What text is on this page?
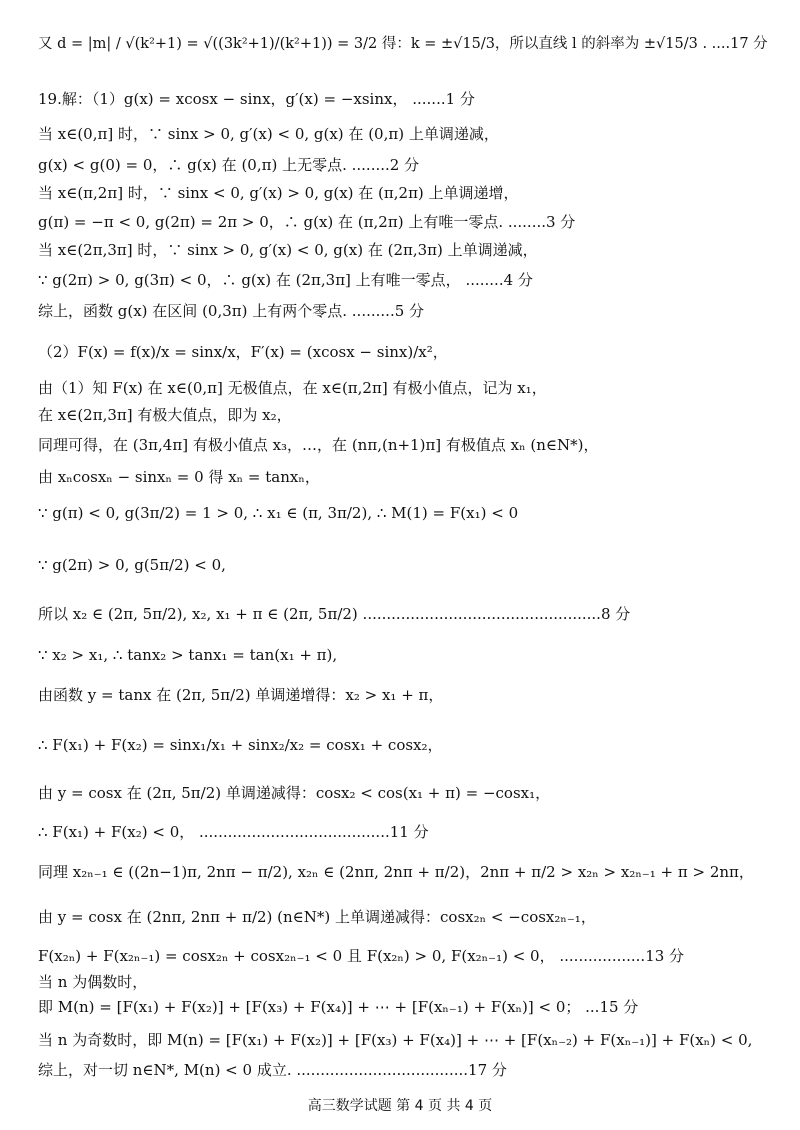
又 d = |m| / √(k²+1) = √((3k²+1)/(k²+1)) = 3/2 得：k = ±√15/3，所以直线 l 的斜率为 ±√15/3 . ....17 分
19.解：（1）g(x) = xcosx − sinx，g′(x) = −xsinx， .......1 分
当 x∈(0,π] 时，∵ sinx > 0, g′(x) < 0, g(x) 在 (0,π) 上单调递减，
g(x) < g(0) = 0，∴ g(x) 在 (0,π) 上无零点. ........2 分
当 x∈(π,2π] 时，∵ sinx < 0, g′(x) > 0, g(x) 在 (π,2π) 上单调递增，
g(π) = −π < 0, g(2π) = 2π > 0，∴ g(x) 在 (π,2π) 上有唯一零点. ........3 分
当 x∈(2π,3π] 时，∵ sinx > 0, g′(x) < 0, g(x) 在 (2π,3π) 上单调递减，
∵ g(2π) > 0, g(3π) < 0，∴ g(x) 在 (2π,3π] 上有唯一零点， ........4 分
综上，函数 g(x) 在区间 (0,3π) 上有两个零点. .........5 分
（2）F(x) = f(x)/x = sinx/x，F′(x) = (xcosx − sinx)/x²，
由（1）知 F(x) 在 x∈(0,π] 无极值点，在 x∈(π,2π] 有极小值点，记为 x₁，
在 x∈(2π,3π] 有极大值点，即为 x₂，
同理可得，在 (3π,4π] 有极小值点 x₃，…，在 (nπ,(n+1)π] 有极值点 xₙ (n∈N*)，
由 xₙcosxₙ − sinxₙ = 0 得 xₙ = tanxₙ，
∵ g(π) < 0, g(3π/2) = 1 > 0, ∴ x₁ ∈ (π, 3π/2), ∴ M(1) = F(x₁) < 0
∵ g(2π) > 0, g(5π/2) < 0,
所以 x₂ ∈ (2π, 5π/2), x₂, x₁ + π ∈ (2π, 5π/2) ..................................................8 分
∵ x₂ > x₁, ∴ tanx₂ > tanx₁ = tan(x₁ + π),
由函数 y = tanx 在 (2π, 5π/2) 单调递增得：x₂ > x₁ + π，
∴ F(x₁) + F(x₂) = sinx₁/x₁ + sinx₂/x₂ = cosx₁ + cosx₂，
由 y = cosx 在 (2π, 5π/2) 单调递减得：cosx₂ < cos(x₁ + π) = −cosx₁，
∴ F(x₁) + F(x₂) < 0， ........................................11 分
同理 x₂ₙ₋₁ ∈ ((2n−1)π, 2nπ − π/2), x₂ₙ ∈ (2nπ, 2nπ + π/2)，2nπ + π/2 > x₂ₙ > x₂ₙ₋₁ + π > 2nπ，
由 y = cosx 在 (2nπ, 2nπ + π/2) (n∈N*) 上单调递减得：cosx₂ₙ < −cosx₂ₙ₋₁，
F(x₂ₙ) + F(x₂ₙ₋₁) = cosx₂ₙ + cosx₂ₙ₋₁ < 0 且 F(x₂ₙ) > 0, F(x₂ₙ₋₁) < 0， ..................13 分
当 n 为偶数时，
即 M(n) = [F(x₁) + F(x₂)] + [F(x₃) + F(x₄)] + ⋯ + [F(xₙ₋₁) + F(xₙ)] < 0； ...15 分
当 n 为奇数时，即 M(n) = [F(x₁) + F(x₂)] + [F(x₃) + F(x₄)] + ⋯ + [F(xₙ₋₂) + F(xₙ₋₁)] + F(xₙ) < 0,
综上，对一切 n∈N*, M(n) < 0 成立. ....................................17 分
高三数学试题 第 4 页 共 4 页
